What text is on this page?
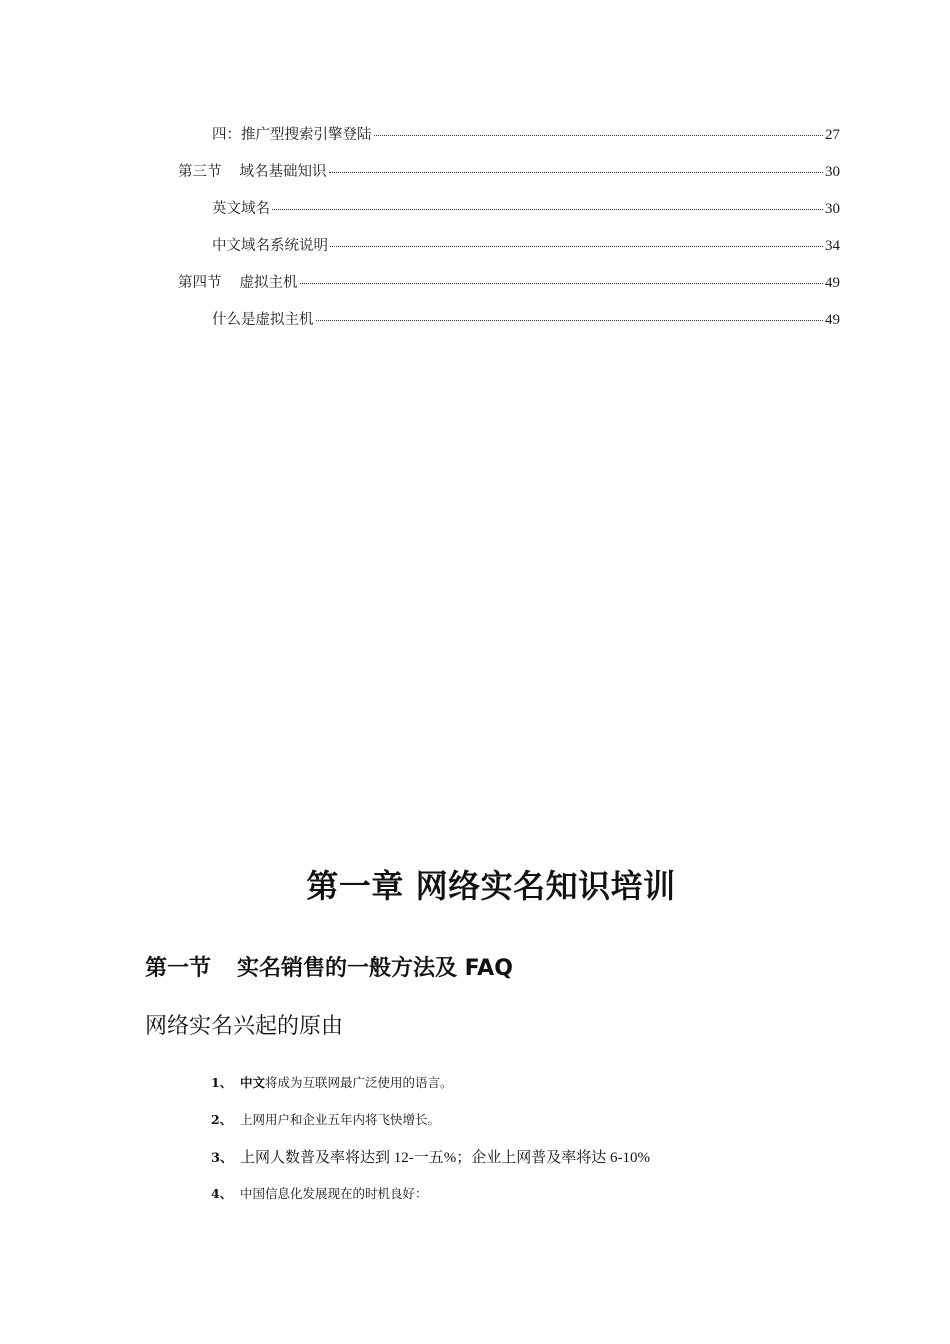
四：推广型搜索引擎登陆	27
第三节 域名基础知识	30
英文域名	30
中文域名系统说明	34
第四节 虚拟主机	49
什么是虚拟主机	49
第一章 网络实名知识培训
第一节 实名销售的一般方法及 FAQ
网络实名兴起的原由
1、 中文将成为互联网最广泛使用的语言。
2、 上网用户和企业五年内将飞快增长。
3、 上网人数普及率将达到 12-一五%；企业上网普及率将达 6-10%
4、 中国信息化发展现在的时机良好：
